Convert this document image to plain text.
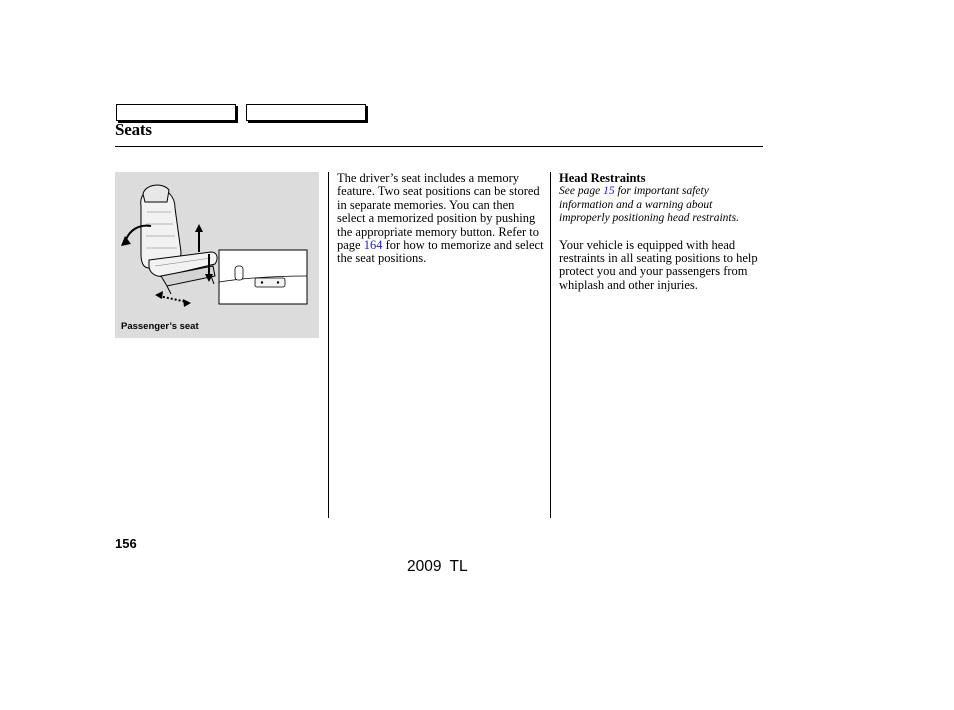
Seats
Passenger’s seat
The driver’s seat includes a memory feature. Two seat positions can be stored in separate memories. You can then select a memorized position by pushing the appropriate memory button. Refer to page 164 for how to memorize and select the seat positions.
Head Restraints
See page 15 for important safety information and a warning about improperly positioning head restraints.
Your vehicle is equipped with head restraints in all seating positions to help protect you and your passengers from whiplash and other injuries.
156
2009 TL
